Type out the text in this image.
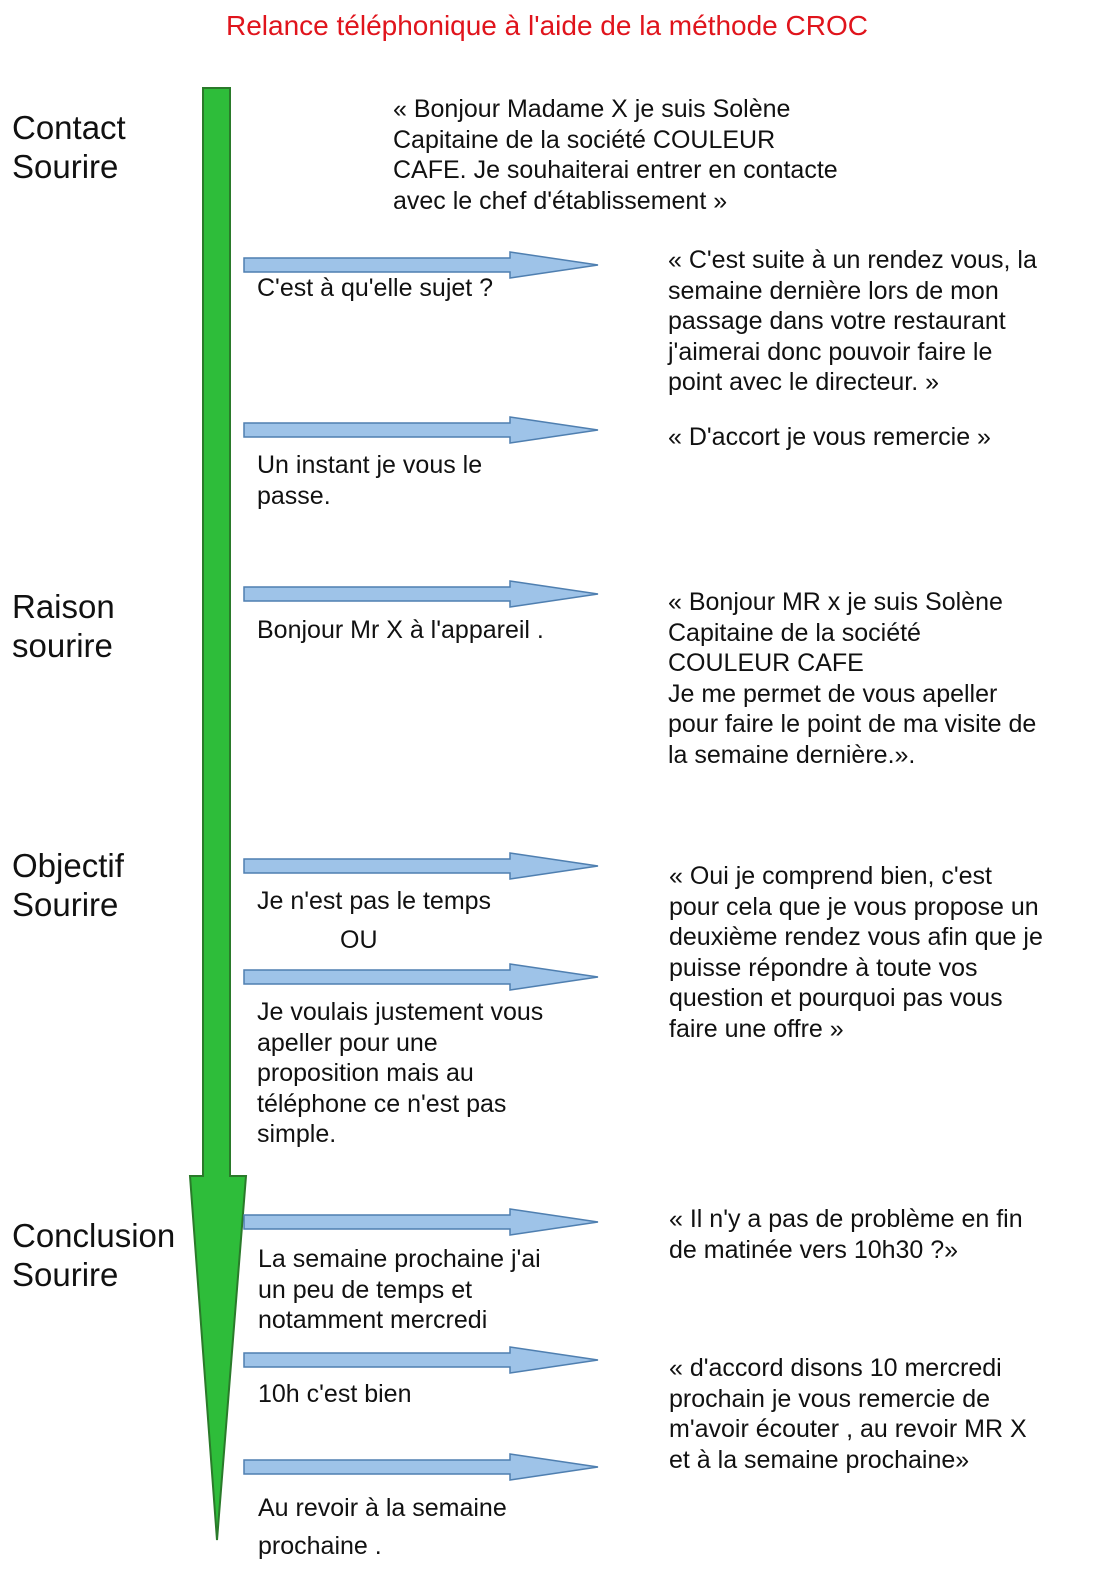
Relance téléphonique à l'aide de la méthode CROC
Contact
Sourire
Raison
sourire
Objectif
Sourire
Conclusion
Sourire
« Bonjour Madame X je suis Solène
Capitaine de la société COULEUR
CAFE. Je souhaiterai entrer en contacte
avec le chef d'établissement »
« C'est suite à un rendez vous, la
semaine dernière lors de mon
passage dans votre restaurant
j'aimerai donc pouvoir faire le
point avec le directeur. »
« D'accort je vous remercie »
« Bonjour MR x je suis Solène
Capitaine de la société
COULEUR CAFE
Je me permet de vous apeller
pour faire le point de ma visite de
la semaine dernière.».
« Oui je comprend bien, c'est
pour cela que je vous propose un
deuxième rendez vous afin que je
puisse répondre à toute vos
question et pourquoi pas vous
faire une offre »
« Il n'y a pas de problème en fin
de matinée vers 10h30 ?»
« d'accord disons 10 mercredi
prochain je vous remercie de
m'avoir écouter , au revoir MR X
et à la semaine prochaine»
C'est à qu'elle sujet ?
Un instant je vous le
passe.
Bonjour Mr X à l'appareil .
Je n'est pas le temps
OU
Je voulais justement vous
apeller pour une
proposition mais au
téléphone ce n'est pas
simple.
La semaine prochaine j'ai
un peu de temps et
notamment mercredi
10h c'est bien
Au revoir à la semaine
prochaine .
